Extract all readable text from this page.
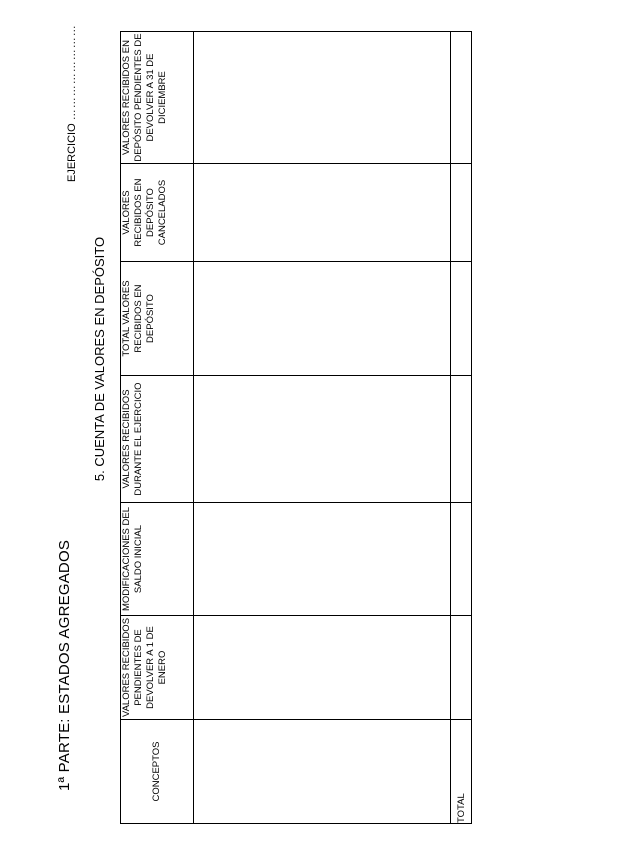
1ª PARTE: ESTADOS AGREGADOS
5. CUENTA DE VALORES EN DEPÓSITO
EJERCICIO ……………………
CONCEPTOS	VALORES RECIBIDOS PENDIENTES DE DEVOLVER A 1 DE ENERO	MODIFICACIONES DEL SALDO INICIAL	VALORES RECIBIDOS DURANTE EL EJERCICIO	TOTAL VALORES RECIBIDOS EN DEPÓSITO	VALORES RECIBIDOS EN DEPÓSITO CANCELADOS	VALORES RECIBIDOS EN DEPÓSITO PENDIENTES DE DEVOLVER A 31 DE DICIEMBRE

TOTAL						
